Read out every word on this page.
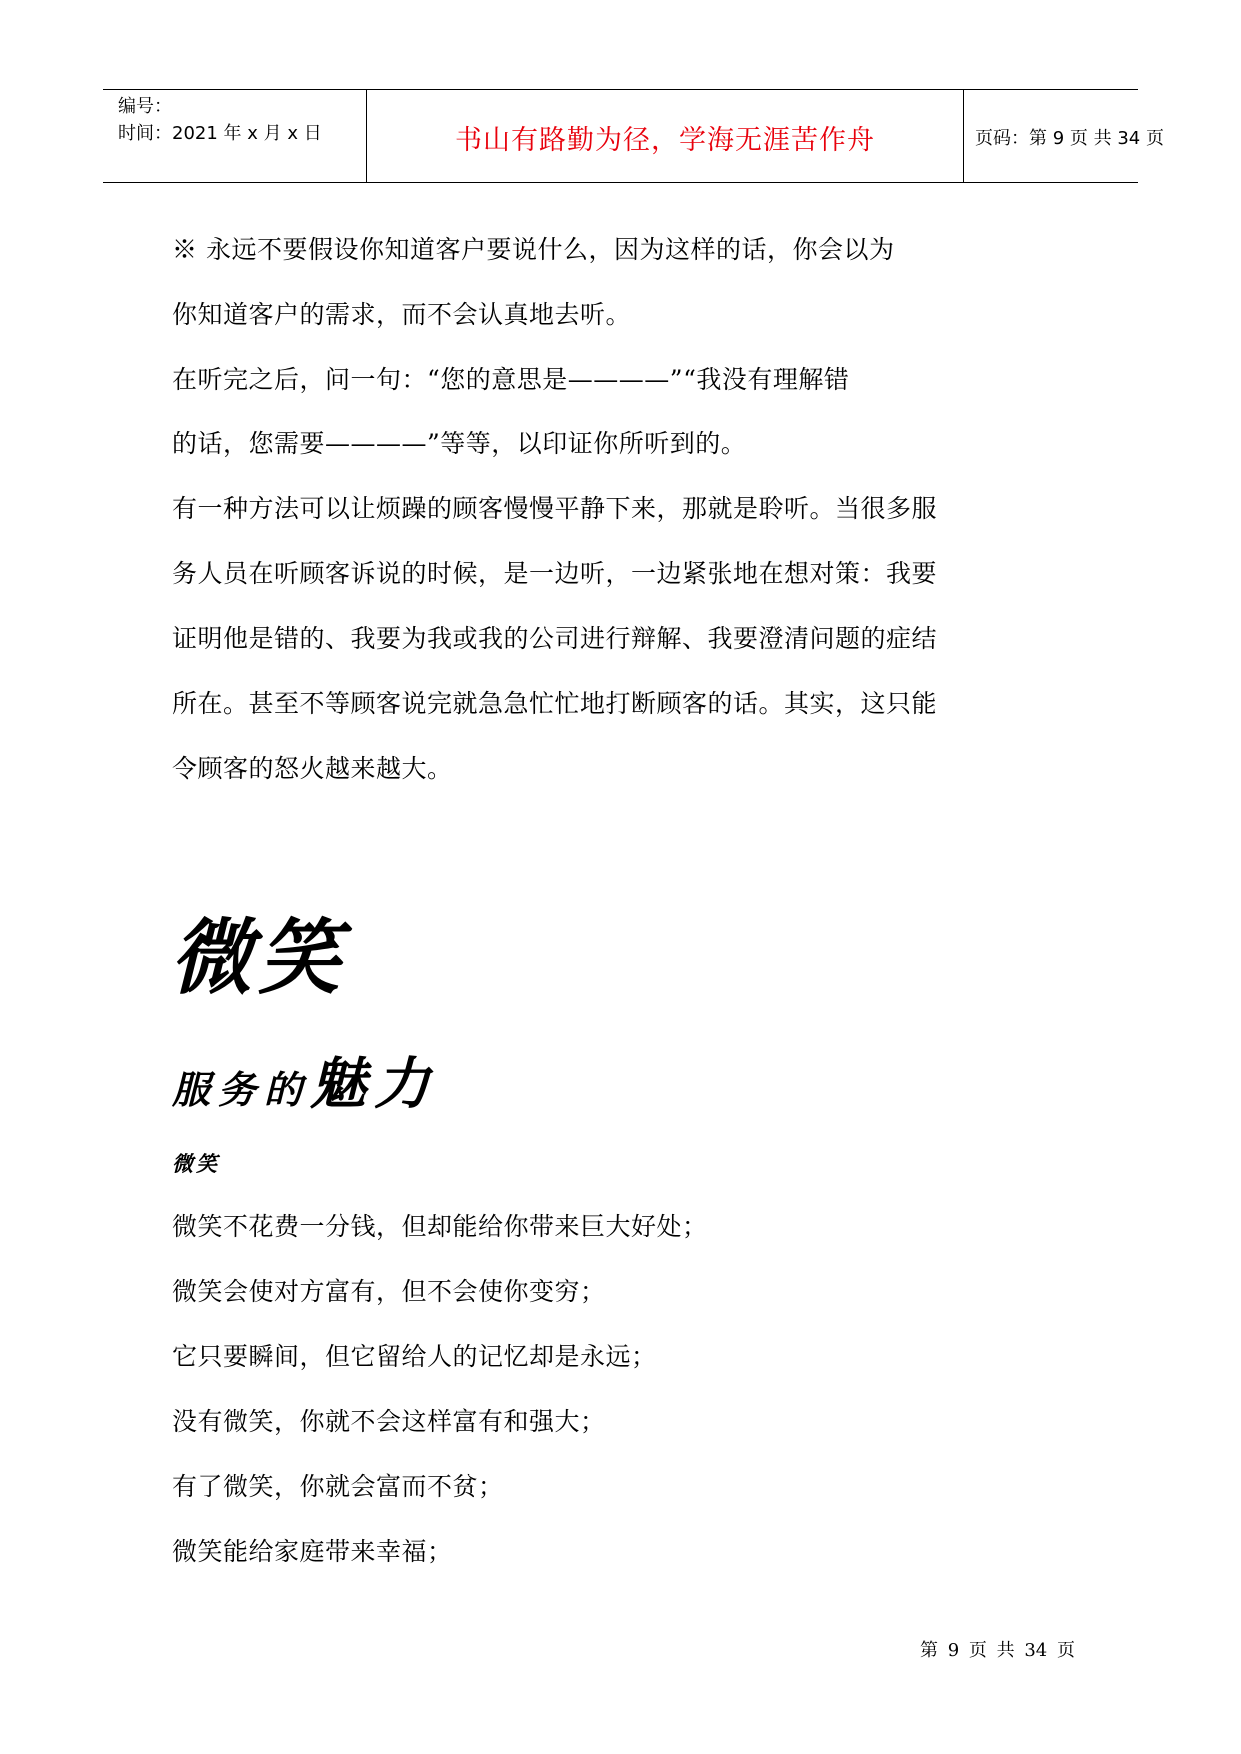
编号：
时间：2021 年 x 月 x 日	书山有路勤为径，学海无涯苦作舟	页码：第 9 页 共 34 页
※ 永远不要假设你知道客户要说什么，因为这样的话，你会以为
你知道客户的需求，而不会认真地去听。
在听完之后，问一句：“您的意思是————”“我没有理解错
的话，您需要————”等等，以印证你所听到的。
有一种方法可以让烦躁的顾客慢慢平静下来，那就是聆听。当很多服
务人员在听顾客诉说的时候，是一边听，一边紧张地在想对策：我要
证明他是错的、我要为我或我的公司进行辩解、我要澄清问题的症结
所在。甚至不等顾客说完就急急忙忙地打断顾客的话。其实，这只能
令顾客的怒火越来越大。
微笑
服务的魅力
微笑
微笑不花费一分钱，但却能给你带来巨大好处；
微笑会使对方富有，但不会使你变穷；
它只要瞬间，但它留给人的记忆却是永远；
没有微笑，你就不会这样富有和强大；
有了微笑，你就会富而不贫；
微笑能给家庭带来幸福；
第 9 页 共 34 页
